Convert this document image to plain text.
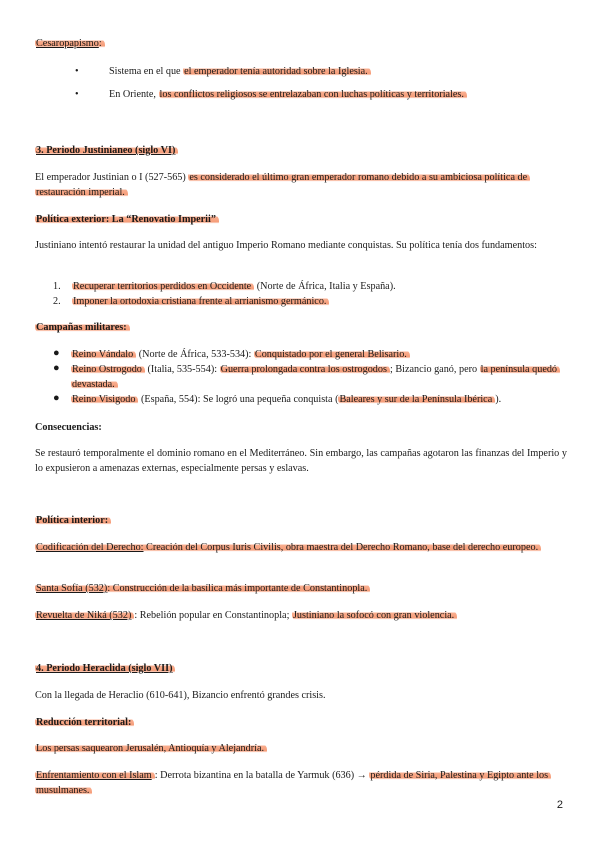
Cesaropapismo:
•	Sistema en el que el emperador tenía autoridad sobre la Iglesia.
•	En Oriente, los conflictos religiosos se entrelazaban con luchas políticas y territoriales.
3. Periodo Justinianeo (siglo VI)
El emperador Justinian o I (527-565) es considerado el último gran emperador romano debido a su ambiciosa política de restauración imperial.
Política exterior: La “Renovatio Imperii”
Justiniano intentó restaurar la unidad del antiguo Imperio Romano mediante conquistas. Su política tenía dos fundamentos:
1. Recuperar territorios perdidos en Occidente (Norte de África, Italia y España).
2. Imponer la ortodoxia cristiana frente al arrianismo germánico.
Campañas militares:
● Reino Vándalo (Norte de África, 533-534): Conquistado por el general Belisario.
● Reino Ostrogodo (Italia, 535-554): Guerra prolongada contra los ostrogodos ; Bizancio ganó, pero la península quedó devastada.
● Reino Visigodo (España, 554): Se logró una pequeña conquista (Baleares y sur de la Península Ibérica ).
Consecuencias:
Se restauró temporalmente el dominio romano en el Mediterráneo. Sin embargo, las campañas agotaron las finanzas del Imperio y lo expusieron a amenazas externas, especialmente persas y eslavas.
Política interior:
Codificación del Derecho: Creación del Corpus Iuris Civilis, obra maestra del Derecho Romano, base del derecho europeo.
Santa Sofía (532): Construcción de la basílica más importante de Constantinopla.
Revuelta de Niká (532) : Rebelión popular en Constantinopla; Justiniano la sofocó con gran violencia.
4. Periodo Heraclida (siglo VII)
Con la llegada de Heraclio (610-641), Bizancio enfrentó grandes crisis.
Reducción territorial:
Los persas saquearon Jerusalén, Antioquía y Alejandría.
Enfrentamiento con el Islam : Derrota bizantina en la batalla de Yarmuk (636) → pérdida de Siria, Palestina y Egipto ante los musulmanes.
2
